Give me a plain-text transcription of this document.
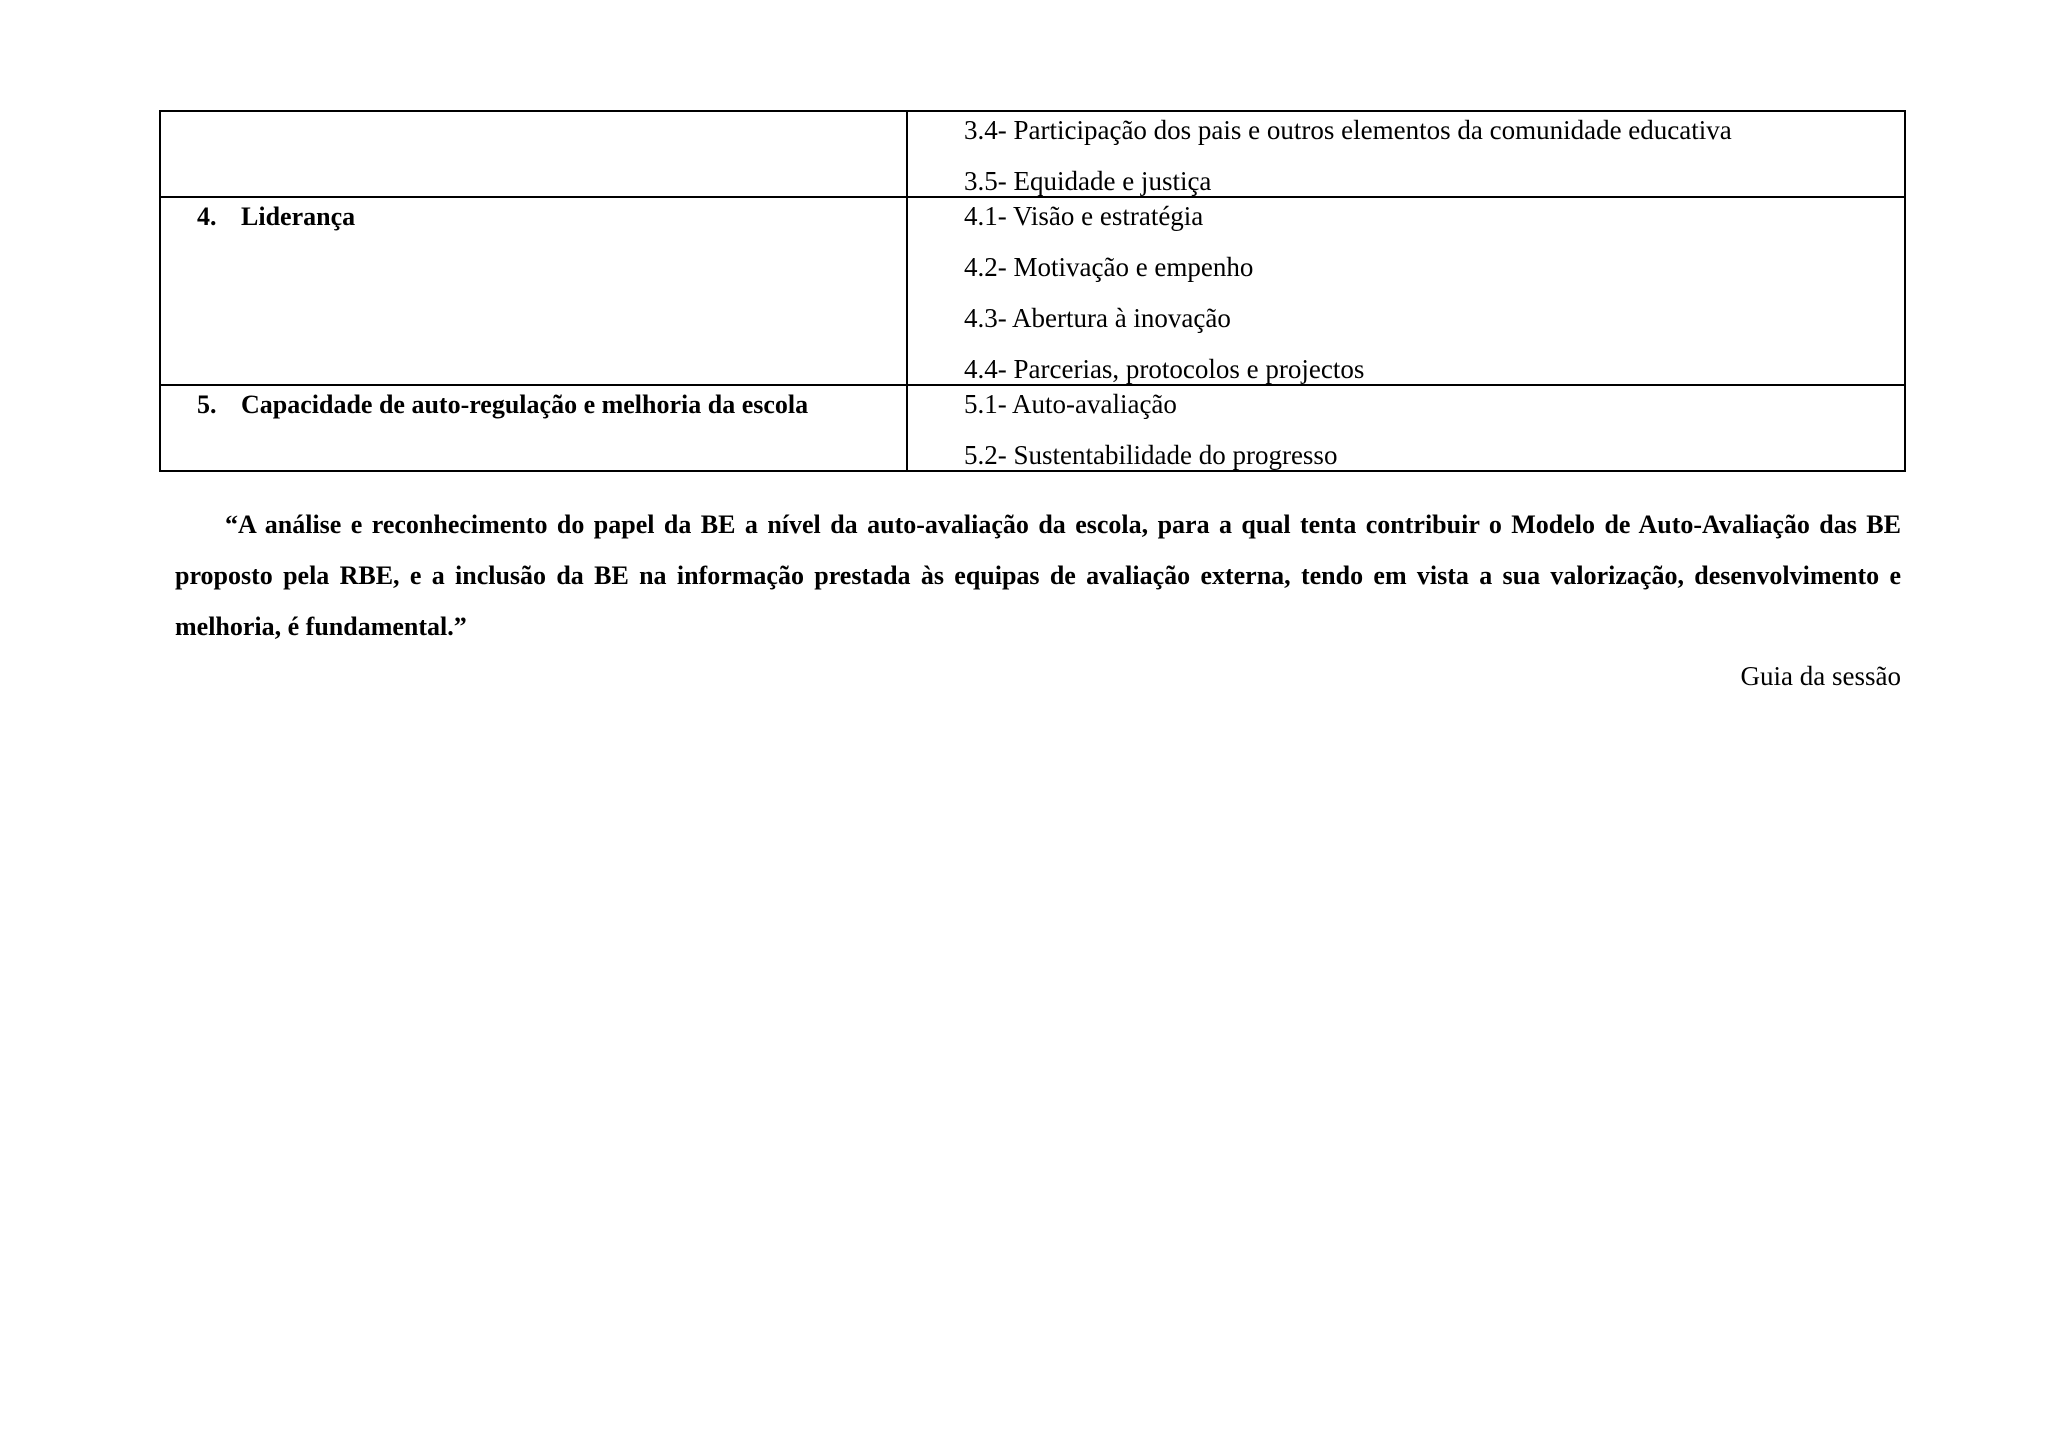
	3.4- Participação dos pais e outros elementos da comunidade educativa
3.5- Equidade e justiça

4. Liderança	4.1- Visão e estratégia
4.2- Motivação e empenho
4.3- Abertura à inovação
4.4- Parcerias, protocolos e projectos

5. Capacidade de auto-regulação e melhoria da escola	5.1- Auto-avaliação
5.2- Sustentabilidade do progresso

“A análise e reconhecimento do papel da BE a nível da auto-avaliação da escola, para a qual tenta contribuir o Modelo de Auto-Avaliação das BE proposto pela RBE, e a inclusão da BE na informação prestada às equipas de avaliação externa, tendo em vista a sua valorização, desenvolvimento e melhoria, é fundamental.”

Guia da sessão
